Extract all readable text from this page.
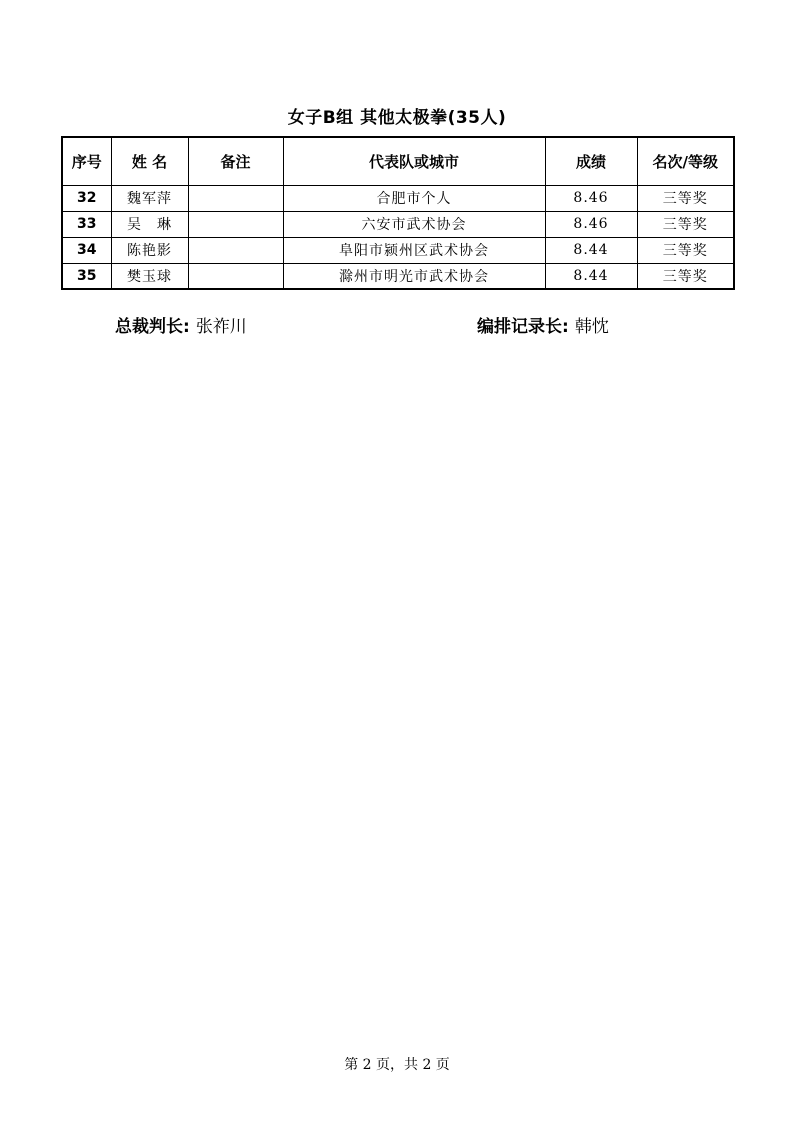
女子B组 其他太极拳(35人)
序号	姓 名	备注	代表队或城市	成绩	名次/等级
32	魏军萍		合肥市个人	8.46	三等奖
33	吴　琳		六安市武术协会	8.46	三等奖
34	陈艳影		阜阳市颍州区武术协会	8.44	三等奖
35	樊玉球		滁州市明光市武术协会	8.44	三等奖
总裁判长: 张祚川	编排记录长: 韩忱
第 2 页，共 2 页
